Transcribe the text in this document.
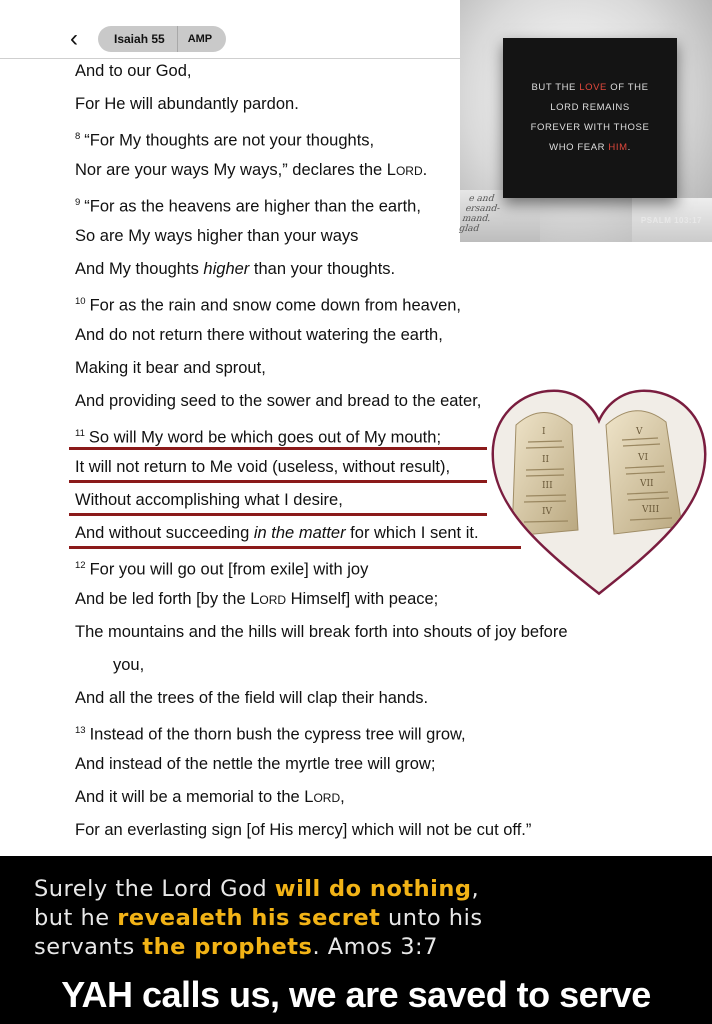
‹	Isaiah 55	AMP
And to our God,
For He will abundantly pardon.
$^8$ “For My thoughts are not your thoughts,
Nor are your ways My ways,” declares the Lord.
$^9$ “For as the heavens are higher than the earth,
So are My ways higher than your ways
And My thoughts higher than your thoughts.
$^{10}$ For as the rain and snow come down from heaven,
And do not return there without watering the earth,
Making it bear and sprout,
And providing seed to the sower and bread to the eater,
$^{11}$ So will My word be which goes out of My mouth;
It will not return to Me void (useless, without result),
Without accomplishing what I desire,
And without succeeding in the matter for which I sent it.
$^{12}$ For you will go out [from exile] with joy
And be led forth [by the Lord Himself] with peace;
The mountains and the hills will break forth into shouts of joy before
you,
And all the trees of the field will clap their hands.
$^{13}$ Instead of the thorn bush the cypress tree will grow,
And instead of the nettle the myrtle tree will grow;
And it will be a memorial to the Lord,
For an everlasting sign [of His mercy] which will not be cut off.”
e and
ersand-
mand.
glad
BUT THE LOVE OF THE
LORD REMAINS
FOREVER WITH THOSE
WHO FEAR HIM.
PSALM 103:17
I
II
III
IV
V
VI
VII
VIII
Surely the Lord God will do nothing,
but he revealeth his secret unto his
servants the prophets. Amos 3:7
YAH calls us, we are saved to serve
